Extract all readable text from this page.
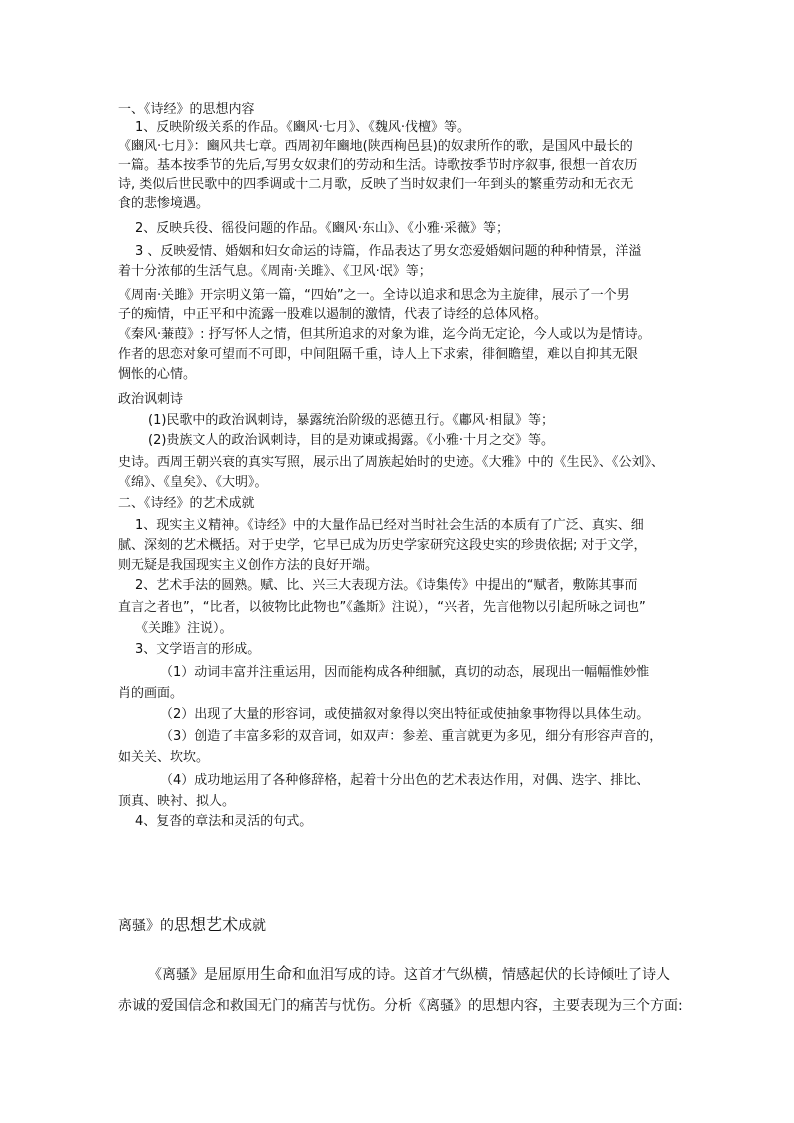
一、《诗经》的思想内容
1、反映阶级关系的作品。《豳风·七月》、《魏风·伐檀》等。
《豳风·七月》：豳风共七章。西周初年豳地(陕西栒邑县)的奴隶所作的歌，是国风中最长的
一篇。基本按季节的先后,写男女奴隶们的劳动和生活。诗歌按季节时序叙事, 很想一首农历
诗, 类似后世民歌中的四季调或十二月歌，反映了当时奴隶们一年到头的繁重劳动和无衣无
食的悲惨境遇。
2、反映兵役、徭役问题的作品。《豳风·东山》、《小雅·采薇》等；
3 、反映爱情、婚姻和妇女命运的诗篇，作品表达了男女恋爱婚姻问题的种种情景，洋溢
着十分浓郁的生活气息。《周南·关雎》、《卫风·氓》等；
《周南·关雎》开宗明义第一篇，“四始”之一。全诗以追求和思念为主旋律，展示了一个男
子的痴情，中正平和中流露一股难以遏制的激情，代表了诗经的总体风格。
《秦风·蒹葭》: 抒写怀人之情，但其所追求的对象为谁，迄今尚无定论，今人或以为是情诗。
作者的思恋对象可望而不可即，中间阻隔千重，诗人上下求索，徘徊瞻望，难以自抑其无限
惆怅的心情。
政治讽刺诗
(1)民歌中的政治讽刺诗，暴露统治阶级的恶德丑行。《鄘风·相鼠》等；
(2)贵族文人的政治讽刺诗，目的是劝谏或揭露。《小雅·十月之交》等。
史诗。西周王朝兴衰的真实写照，展示出了周族起始时的史迹。《大雅》中的《生民》、《公刘》、
《绵》、《皇矣》、《大明》。
二、《诗经》的艺术成就
1、现实主义精神。《诗经》中的大量作品已经对当时社会生活的本质有了广泛、真实、细
腻、深刻的艺术概括。对于史学，它早已成为历史学家研究这段史实的珍贵依据; 对于文学，
则无疑是我国现实主义创作方法的良好开端。
2、艺术手法的圆熟。赋、比、兴三大表现方法。《诗集传》中提出的“赋者，敷陈其事而
直言之者也”，“比者，以彼物比此物也”《螽斯》注说），“兴者，先言他物以引起所咏之词也”
《关雎》注说）。
3、文学语言的形成。
（1）动词丰富并注重运用，因而能构成各种细腻，真切的动态，展现出一幅幅惟妙惟
肖的画面。
（2）出现了大量的形容词，或使描叙对象得以突出特征或使抽象事物得以具体生动。
（3）创造了丰富多彩的双音词，如双声：参差、重言就更为多见，细分有形容声音的，
如关关、坎坎。
（4）成功地运用了各种修辞格，起着十分出色的艺术表达作用，对偶、迭字、排比、
顶真、映衬、拟人。
4、复沓的章法和灵活的句式。
离骚》的思想艺术成就
《离骚》是屈原用生命和血泪写成的诗。这首才气纵横，情感起伏的长诗倾吐了诗人
赤诚的爱国信念和救国无门的痛苦与忧伤。分析《离骚》的思想内容，主要表现为三个方面:
